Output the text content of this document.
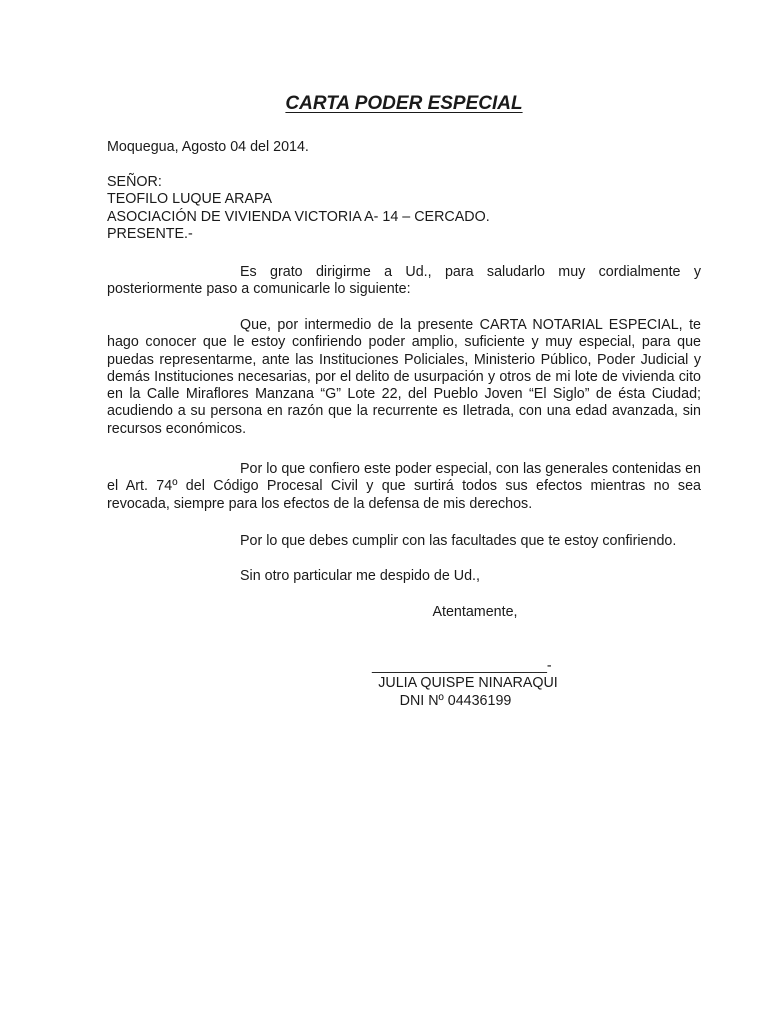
CARTA PODER ESPECIAL
Moquegua, Agosto 04 del 2014.
SEÑOR:
TEOFILO LUQUE ARAPA
ASOCIACIÓN DE VIVIENDA VICTORIA A- 14 – CERCADO.
PRESENTE.-
Es grato dirigirme a Ud., para saludarlo muy cordialmente y posteriormente paso a comunicarle lo siguiente:
Que, por intermedio de la presente CARTA NOTARIAL ESPECIAL, te hago conocer que le estoy confiriendo poder amplio, suficiente y muy especial, para que puedas representarme, ante las Instituciones Policiales, Ministerio Público, Poder Judicial y demás Instituciones necesarias, por el delito de usurpación y otros de mi lote de vivienda cito en la Calle Miraflores Manzana “G” Lote 22, del Pueblo Joven “El Siglo” de ésta Ciudad; acudiendo a su persona en razón que la recurrente es Iletrada, con una edad avanzada, sin recursos económicos.
Por lo que confiero este poder especial, con las generales contenidas en el Art. 74º del Código Procesal Civil y que surtirá todos sus efectos mientras no sea revocada, siempre para los efectos de la defensa de mis derechos.
Por lo que debes cumplir con las facultades que te estoy confiriendo.
Sin otro particular me despido de Ud.,
Atentamente,
______________________-
JULIA QUISPE NINARAQUI
DNI Nº 04436199
